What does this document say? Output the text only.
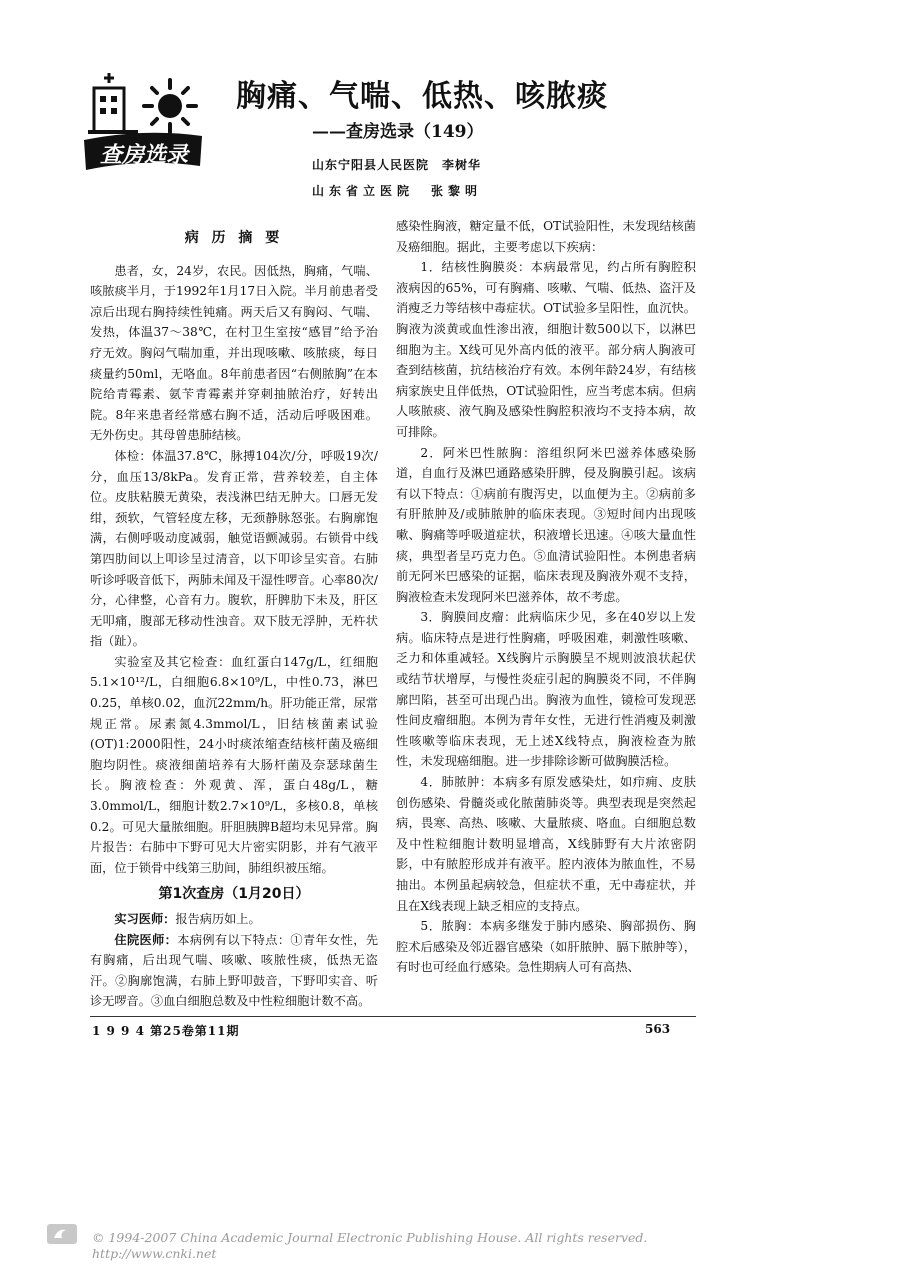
查房选录
胸痛、气喘、低热、咳脓痰
——查房选录（149）
山东宁阳县人民医院　李树华
山东省立医院　张黎明

病 历 摘 要

患者，女，24岁，农民。因低热，胸痛，气喘、咳脓痰半月，于1992年1月17日入院。半月前患者受凉后出现右胸持续性钝痛。两天后又有胸闷、气喘、发热，体温37～38℃，在村卫生室按“感冒”给予治疗无效。胸闷气喘加重，并出现咳嗽、咳脓痰，每日痰量约50ml，无咯血。8年前患者因“右侧脓胸”在本院给青霉素、氨苄青霉素并穿刺抽脓治疗，好转出院。8年来患者经常感右胸不适，活动后呼吸困难。无外伤史。其母曾患肺结核。

体检：体温37.8℃，脉搏104次/分，呼吸19次/分，血压13/8kPa。发育正常，营养较差，自主体位。皮肤粘膜无黄染，表浅淋巴结无肿大。口唇无发绀，颈软，气管轻度左移，无颈静脉怒张。右胸廓饱满，右侧呼吸动度减弱，触觉语颤减弱。右锁骨中线第四肋间以上叩诊呈过清音，以下叩诊呈实音。右肺听诊呼吸音低下，两肺未闻及干湿性啰音。心率80次/分，心律整，心音有力。腹软，肝脾肋下未及，肝区无叩痛，腹部无移动性浊音。双下肢无浮肿，无杵状指（趾）。

实验室及其它检查：血红蛋白147g/L，红细胞5.1×10¹²/L，白细胞6.8×10⁹/L，中性0.73，淋巴0.25，单核0.02，血沉22mm/h。肝功能正常，尿常规正常。尿素氮4.3mmol/L，旧结核菌素试验(OT)1:2000阳性，24小时痰浓缩查结核杆菌及癌细胞均阴性。痰液细菌培养有大肠杆菌及奈瑟球菌生长。胸液检查：外观黄、浑，蛋白48g/L，糖3.0mmol/L，细胞计数2.7×10⁹/L，多核0.8，单核0.2。可见大量脓细胞。肝胆胰脾B超均未见异常。胸片报告：右肺中下野可见大片密实阴影，并有气液平面，位于锁骨中线第三肋间，肺组织被压缩。

第1次查房（1月20日）

实习医师：报告病历如上。

住院医师：本病例有以下特点：①青年女性，先有胸痛，后出现气喘、咳嗽、咳脓性痰，低热无盗汗。②胸廓饱满，右肺上野叩鼓音，下野叩实音、听诊无啰音。③血白细胞总数及中性粒细胞计数不高。

感染性胸液，糖定量不低，OT试验阳性，未发现结核菌及癌细胞。据此，主要考虑以下疾病：

1．结核性胸膜炎：本病最常见，约占所有胸腔积液病因的65%，可有胸痛、咳嗽、气喘、低热、盗汗及消瘦乏力等结核中毒症状。OT试验多呈阳性，血沉快。胸液为淡黄或血性渗出液，细胞计数500以下，以淋巴细胞为主。X线可见外高内低的液平。部分病人胸液可查到结核菌，抗结核治疗有效。本例年龄24岁，有结核病家族史且伴低热，OT试验阳性，应当考虑本病。但病人咳脓痰、液气胸及感染性胸腔积液均不支持本病，故可排除。

2．阿米巴性脓胸：溶组织阿米巴滋养体感染肠道，自血行及淋巴通路感染肝脾，侵及胸膜引起。该病有以下特点：①病前有腹泻史，以血便为主。②病前多有肝脓肿及/或肺脓肿的临床表现。③短时间内出现咳嗽、胸痛等呼吸道症状，积液增长迅速。④咳大量血性痰，典型者呈巧克力色。⑤血清试验阳性。本例患者病前无阿米巴感染的证据，临床表现及胸液外观不支持，胸液检查未发现阿米巴滋养体，故不考虑。

3．胸膜间皮瘤：此病临床少见，多在40岁以上发病。临床特点是进行性胸痛，呼吸困难，刺激性咳嗽、乏力和体重减轻。X线胸片示胸膜呈不规则波浪状起伏或结节状增厚，与慢性炎症引起的胸膜炎不同，不伴胸廓凹陷，甚至可出现凸出。胸液为血性，镜检可发现恶性间皮瘤细胞。本例为青年女性，无进行性消瘦及刺激性咳嗽等临床表现，无上述X线特点，胸液检查为脓性，未发现癌细胞。进一步排除诊断可做胸膜活检。

4．肺脓肿：本病多有原发感染灶，如疖痈、皮肤创伤感染、骨髓炎或化脓菌肺炎等。典型表现是突然起病，畏寒、高热、咳嗽、大量脓痰、咯血。白细胞总数及中性粒细胞计数明显增高，X线肺野有大片浓密阴影，中有脓腔形成并有液平。腔内液体为脓血性，不易抽出。本例虽起病较急，但症状不重，无中毒症状，并且在X线表现上缺乏相应的支持点。

5．脓胸：本病多继发于肺内感染、胸部损伤、胸腔术后感染及邻近器官感染（如肝脓肿、膈下脓肿等），有时也可经血行感染。急性期病人可有高热、

1 9 9 4 第25卷第11期	563
© 1994-2007 China Academic Journal Electronic Publishing House. All rights reserved.　http://www.cnki.net
